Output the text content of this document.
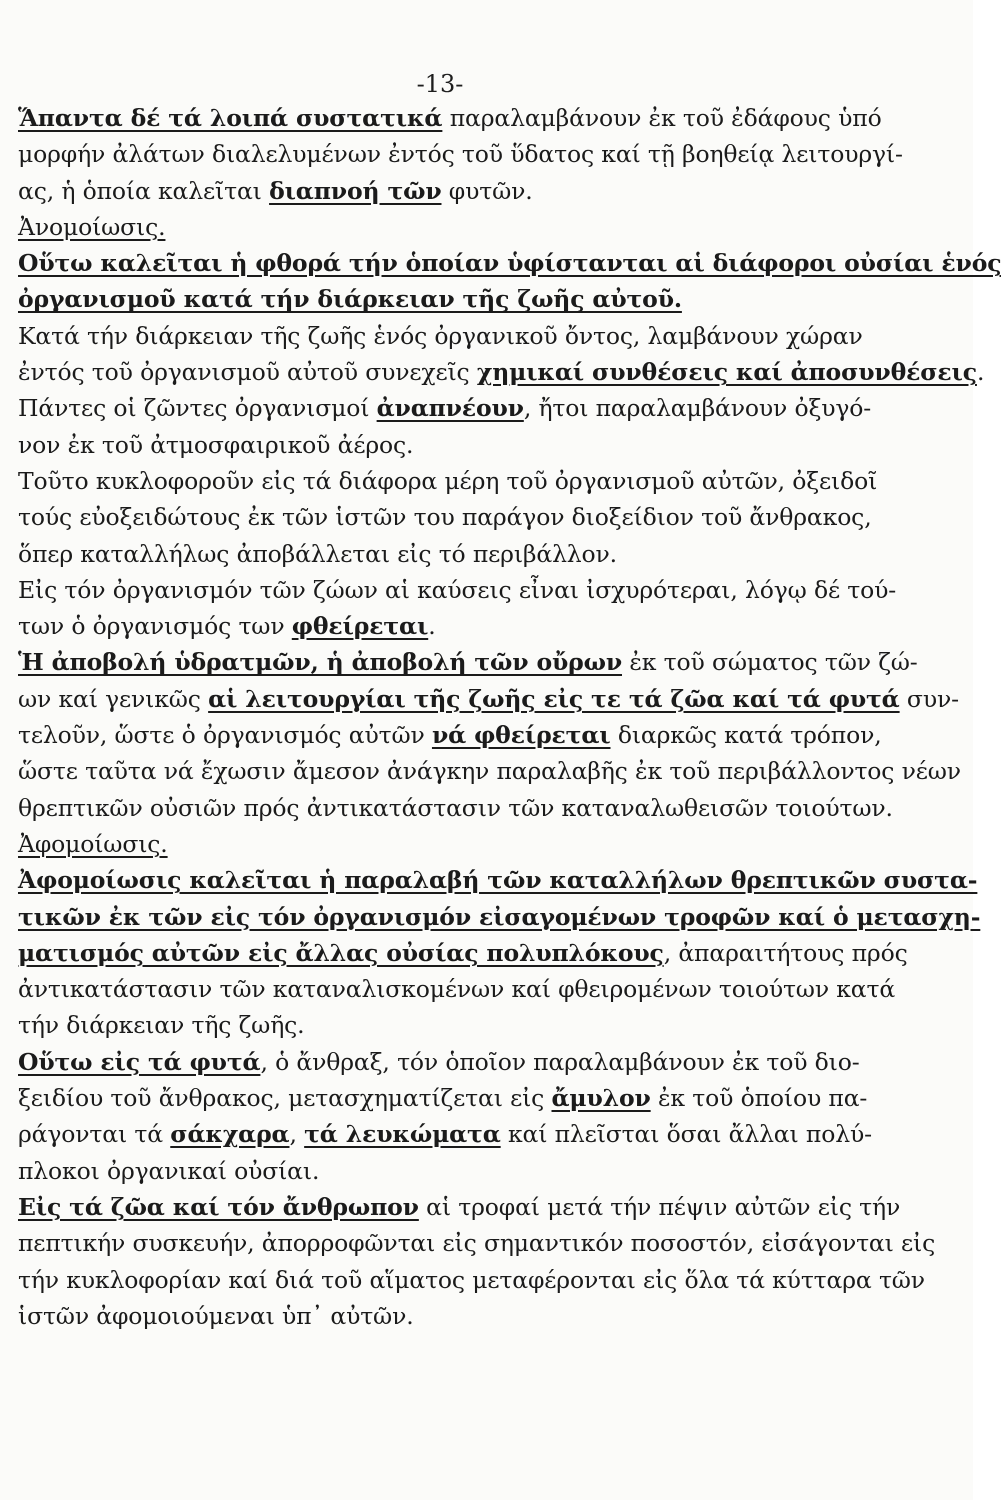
-13-
Ἅπαντα δέ τά λοιπά συστατικά παραλαμβάνουν ἐκ τοῦ ἐδάφους ὑπό
μορφήν ἀλάτων διαλελυμένων ἐντός τοῦ ὕδατος καί τῇ βοηθείᾳ λειτουργί-
ας, ἡ ὁποία καλεῖται διαπνοή τῶν φυτῶν.
Ἀνομοίωσις.
Οὕτω καλεῖται ἡ φθορά τήν ὁποίαν ὑφίστανται αἱ διάφοροι οὐσίαι ἑνός
ὀργανισμοῦ κατά τήν διάρκειαν τῆς ζωῆς αὐτοῦ.
Κατά τήν διάρκειαν τῆς ζωῆς ἑνός ὀργανικοῦ ὄντος, λαμβάνουν χώραν
ἐντός τοῦ ὀργανισμοῦ αὐτοῦ συνεχεῖς χημικαί συνθέσεις καί ἀποσυνθέσεις.
Πάντες οἱ ζῶντες ὀργανισμοί ἀναπνέουν, ἤτοι παραλαμβάνουν ὀξυγό-
νον ἐκ τοῦ ἀτμοσφαιρικοῦ ἀέρος.
Τοῦτο κυκλοφοροῦν εἰς τά διάφορα μέρη τοῦ ὀργανισμοῦ αὐτῶν, ὀξειδοῖ
τούς εὐοξειδώτους ἐκ τῶν ἱστῶν του παράγον διοξείδιον τοῦ ἄνθρακος,
ὅπερ καταλλήλως ἀποβάλλεται εἰς τό περιβάλλον.
Εἰς τόν ὀργανισμόν τῶν ζώων αἱ καύσεις εἶναι ἰσχυρότεραι, λόγῳ δέ τού-
των ὁ ὀργανισμός των φθείρεται.
Ἡ ἀποβολή ὑδρατμῶν, ἡ ἀποβολή τῶν οὔρων ἐκ τοῦ σώματος τῶν ζώ-
ων καί γενικῶς αἱ λειτουργίαι τῆς ζωῆς εἰς τε τά ζῶα καί τά φυτά συν-
τελοῦν, ὥστε ὁ ὀργανισμός αὐτῶν νά φθείρεται διαρκῶς κατά τρόπον,
ὥστε ταῦτα νά ἔχωσιν ἄμεσον ἀνάγκην παραλαβῆς ἐκ τοῦ περιβάλλοντος νέων
θρεπτικῶν οὐσιῶν πρός ἀντικατάστασιν τῶν καταναλωθεισῶν τοιούτων.
Ἀφομοίωσις.
Ἀφομοίωσις καλεῖται ἡ παραλαβή τῶν καταλλήλων θρεπτικῶν συστα-
τικῶν ἐκ τῶν εἰς τόν ὀργανισμόν εἰσαγομένων τροφῶν καί ὁ μετασχη-
ματισμός αὐτῶν εἰς ἄλλας οὐσίας πολυπλόκους, ἀπαραιτήτους πρός
ἀντικατάστασιν τῶν καταναλισκομένων καί φθειρομένων τοιούτων κατά
τήν διάρκειαν τῆς ζωῆς.
Οὕτω εἰς τά φυτά, ὁ ἄνθραξ, τόν ὁποῖον παραλαμβάνουν ἐκ τοῦ διο-
ξειδίου τοῦ ἄνθρακος, μετασχηματίζεται εἰς ἄμυλον ἐκ τοῦ ὁποίου πα-
ράγονται τά σάκχαρα, τά λευκώματα καί πλεῖσται ὅσαι ἄλλαι πολύ-
πλοκοι ὀργανικαί οὐσίαι.
Εἰς τά ζῶα καί τόν ἄνθρωπον αἱ τροφαί μετά τήν πέψιν αὐτῶν εἰς τήν
πεπτικήν συσκευήν, ἀπορροφῶνται εἰς σημαντικόν ποσοστόν, εἰσάγονται εἰς
τήν κυκλοφορίαν καί διά τοῦ αἵματος μεταφέρονται εἰς ὅλα τά κύτταρα τῶν
ἱστῶν ἀφομοιούμεναι ὑπ᾽ αὐτῶν.
